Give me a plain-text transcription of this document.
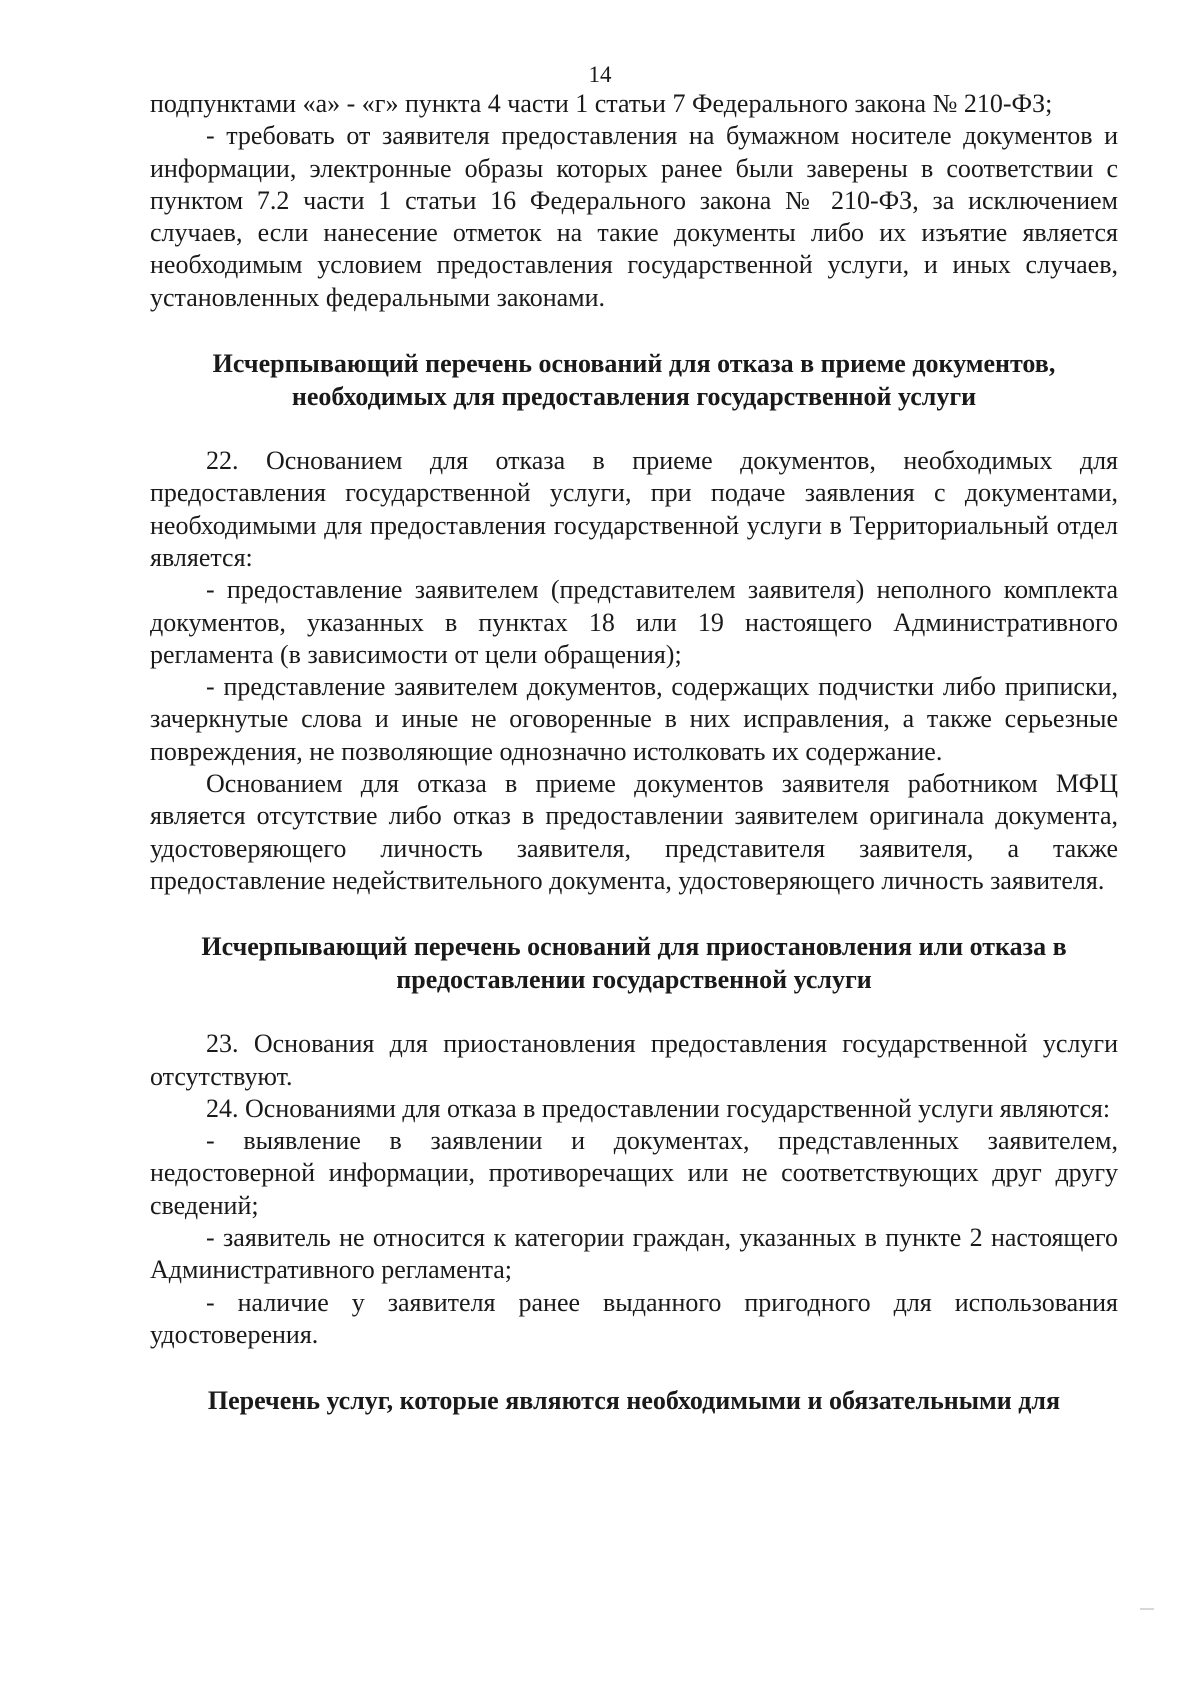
14

подпунктами «а» - «г» пункта 4 части 1 статьи 7 Федерального закона № 210-ФЗ;

- требовать от заявителя предоставления на бумажном носителе документов и информации, электронные образы которых ранее были заверены в соответствии с пунктом 7.2 части 1 статьи 16 Федерального закона № 210-ФЗ, за исключением случаев, если нанесение отметок на такие документы либо их изъятие является необходимым условием предоставления государственной услуги, и иных случаев, установленных федеральными законами.

Исчерпывающий перечень оснований для отказа в приеме документов, необходимых для предоставления государственной услуги

22. Основанием для отказа в приеме документов, необходимых для предоставления государственной услуги, при подаче заявления с документами, необходимыми для предоставления государственной услуги в Территориальный отдел является:

- предоставление заявителем (представителем заявителя) неполного комплекта документов, указанных в пунктах 18 или 19 настоящего Административного регламента (в зависимости от цели обращения);

- представление заявителем документов, содержащих подчистки либо приписки, зачеркнутые слова и иные не оговоренные в них исправления, а также серьезные повреждения, не позволяющие однозначно истолковать их содержание.

Основанием для отказа в приеме документов заявителя работником МФЦ является отсутствие либо отказ в предоставлении заявителем оригинала документа, удостоверяющего личность заявителя, представителя заявителя, а также предоставление недействительного документа, удостоверяющего личность заявителя.

Исчерпывающий перечень оснований для приостановления или отказа в предоставлении государственной услуги

23. Основания для приостановления предоставления государственной услуги отсутствуют.

24. Основаниями для отказа в предоставлении государственной услуги являются:

- выявление в заявлении и документах, представленных заявителем, недостоверной информации, противоречащих или не соответствующих друг другу сведений;

- заявитель не относится к категории граждан, указанных в пункте 2 настоящего Административного регламента;

- наличие у заявителя ранее выданного пригодного для использования удостоверения.

Перечень услуг, которые являются необходимыми и обязательными для
